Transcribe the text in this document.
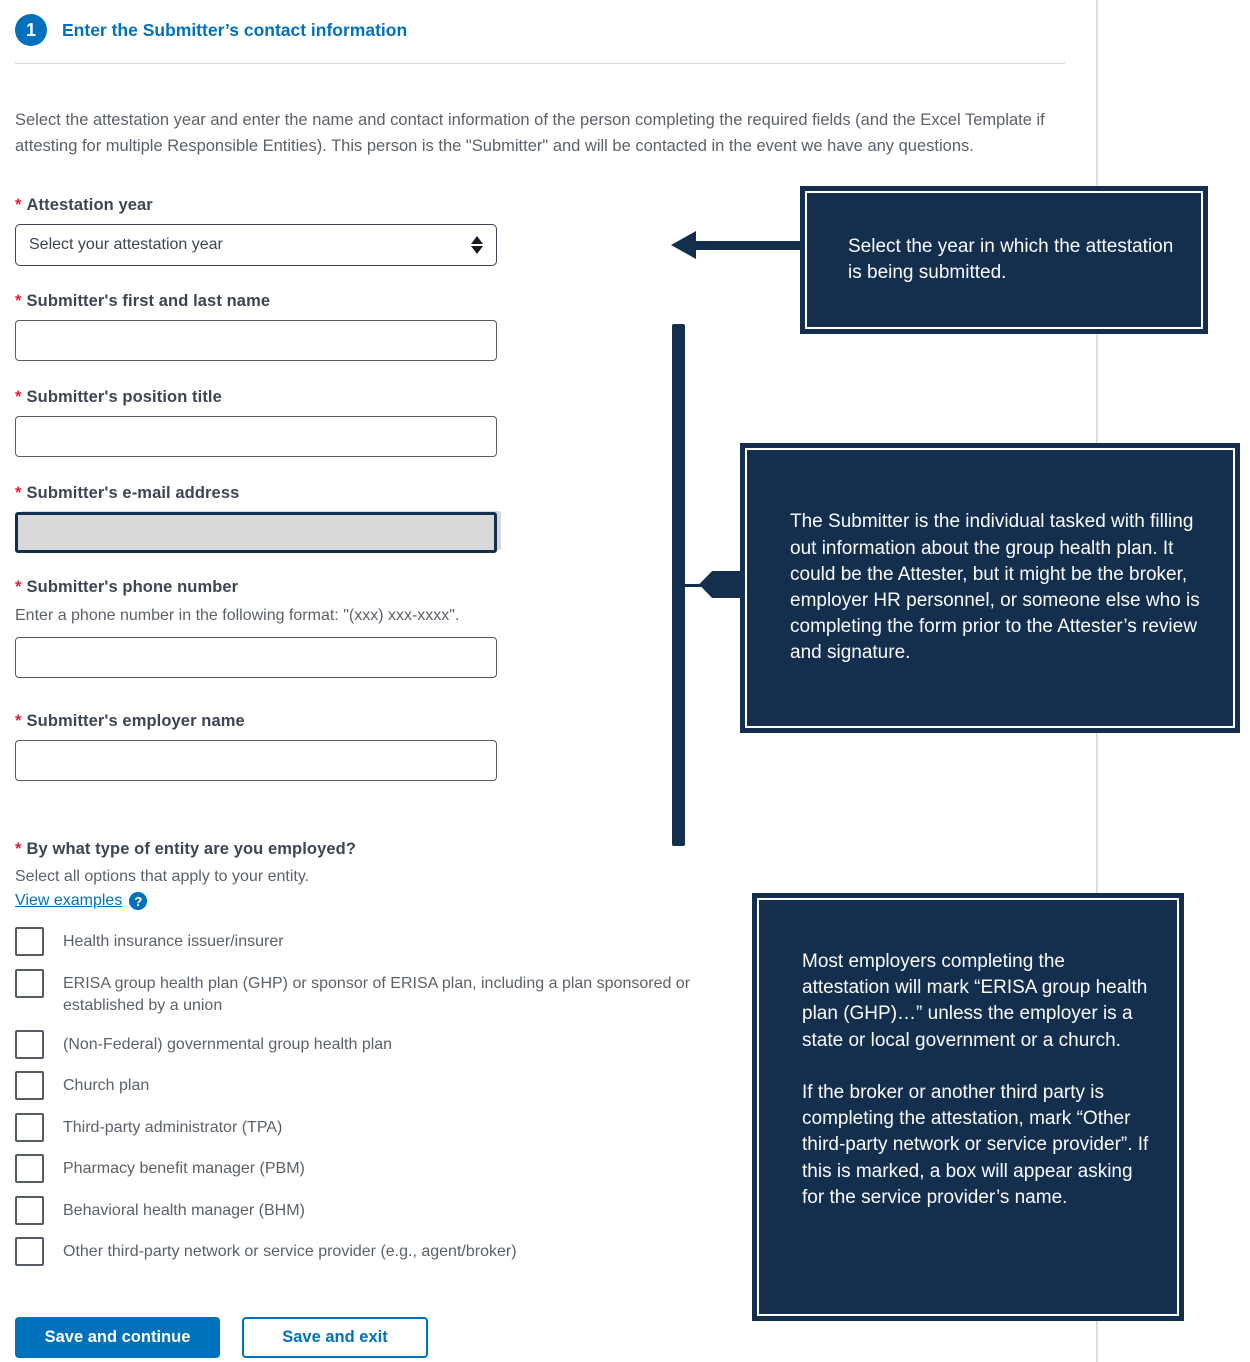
1	Enter the Submitter’s contact information

Select the attestation year and enter the name and contact information of the person completing the required fields (and the Excel Template if attesting for multiple Responsible Entities). This person is the "Submitter" and will be contacted in the event we have any questions.

* Attestation year
Select your attestation year
* Submitter's first and last name
* Submitter's position title
* Submitter's e-mail address
* Submitter's phone number
Enter a phone number in the following format: "(xxx) xxx-xxxx".
* Submitter's employer name
* By what type of entity are you employed?
Select all options that apply to your entity.
View examples ?
Health insurance issuer/insurer
ERISA group health plan (GHP) or sponsor of ERISA plan, including a plan sponsored or established by a union
(Non-Federal) governmental group health plan
Church plan
Third-party administrator (TPA)
Pharmacy benefit manager (PBM)
Behavioral health manager (BHM)
Other third-party network or service provider (e.g., agent/broker)
Save and continue	Save and exit
Select the year in which the attestation is being submitted.
The Submitter is the individual tasked with filling out information about the group health plan. It could be the Attester, but it might be the broker, employer HR personnel, or someone else who is completing the form prior to the Attester’s review and signature.

Most employers completing the attestation will mark “ERISA group health plan (GHP)…” unless the employer is a state or local government or a church.

If the broker or another third party is completing the attestation, mark “Other third-party network or service provider”. If this is marked, a box will appear asking for the service provider’s name.
